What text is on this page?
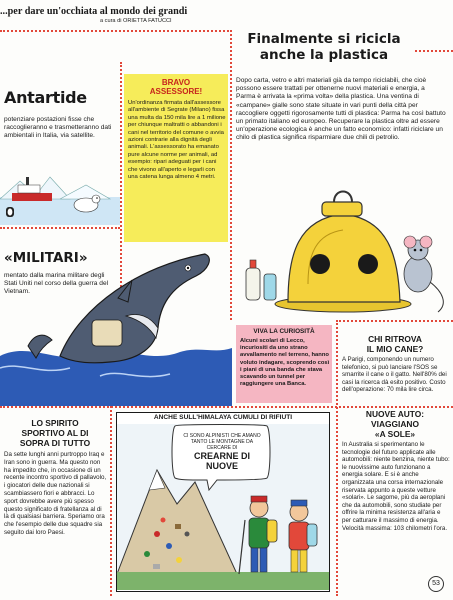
...per dare un'occhiata al mondo dei grandi
a cura di ORIETTA FATUCCI
Antartide
potenziare postazioni fisse che raccoglieranno e trasmetteranno dati ambientali in Italia, via satellite.
BRAVO
ASSESSORE!
Un'ordinanza firmata dall'assessore all'ambiente di Segrate (Milano) fissa una multa da 150 mila lire a 1 milione per chiunque maltratti o abbandoni i cani nel territorio del comune o avvia azioni contrarie alla dignità degli animali. L'assessorato ha emanato pure alcune norme per animali, ad esempio: ripari adeguati per i cani che vivono all'aperto e legarli con una catena lunga almeno 4 metri.
Finalmente si ricicla
anche la plastica
Dopo carta, vetro e altri materiali già da tempo riciclabili, che cioè possono essere trattati per ottenerne nuovi materiali e energia, a Parma è arrivata la «prima volta» della plastica. Una ventina di «campane» gialle sono state situate in vari punti della città per raccogliere oggetti rigorosamente tutti di plastica: Parma ha così battuto un primato italiano ed europeo. Recuperare la plastica oltre ad essere un'operazione ecologica è anche un fatto economico: infatti riciclare un chilo di plastica significa risparmiare due chili di petrolio.
«MILITARI»
mentato dalla marina militare degli Stati Uniti nel corso della guerra del Vietnam.
VIVA LA CURIOSITÀ
Alcuni scolari di Lecco, incuriositi da uno strano avvallamento nel terreno, hanno voluto indagare, scoprendo così i piani di una banda che stava scavando un tunnel per raggiungere una Banca.
CHI RITROVA
IL MIO CANE?
A Parigi, componendo un numero telefonico, si può lanciare l'SOS se smarrite il cane o il gatto. Nell'80% dei casi la ricerca dà esito positivo. Costo dell'operazione: 70 mila lire circa.
NUOVE AUTO:
VIAGGIANO
«A SOLE»
In Australia si sperimentano le tecnologie del futuro applicate alle automobili: niente benzina, niente tubo: le nuovissime auto funzionano a energia solare. E si è anche organizzata una corsa internazionale riservata appunto a queste vetture «solari». Le sagome, più da aeroplani che da automobili, sono studiate per offrire la minima resistenza all'aria e per catturare il massimo di energia. Velocità massima: 103 chilometri l'ora.
LO SPIRITO
SPORTIVO AL DI
SOPRA DI TUTTO
Da sette lunghi anni purtroppo Iraq e Iran sono in guerra. Ma questo non ha impedito che, in occasione di un recente incontro sportivo di pallavolo, i giocatori delle due nazionali si scambiassero fiori e abbracci. Lo sport dovrebbe avere più spesso questo significato di fratellanza al di là di qualsiasi barriera. Speriamo ora che l'esempio delle due squadre sia seguito dai loro Paesi.
ANCHE SULL'HIMALAYA CUMULI DI RIFIUTI
CI SONO ALPINISTI CHE AMANO
TANTO LE MONTAGNE DA
CERCARE DI
CREARNE DI
NUOVE
53
